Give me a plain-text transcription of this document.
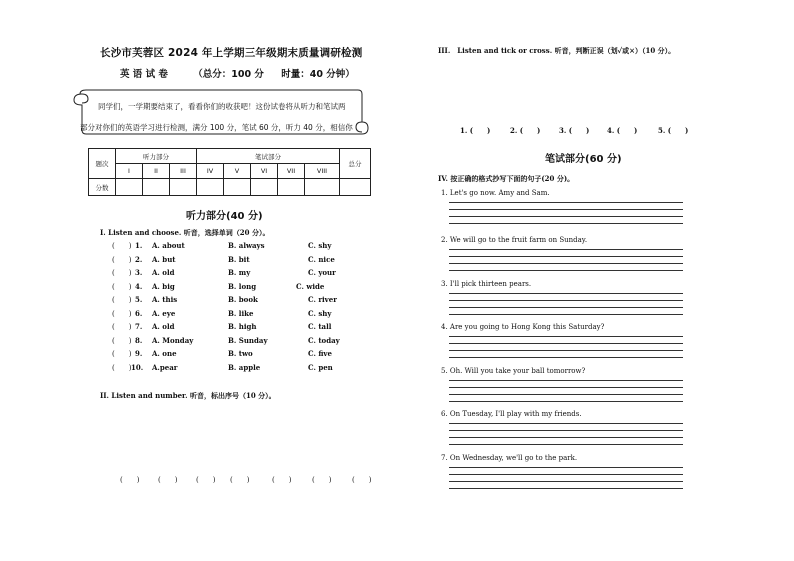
长沙市芙蓉区 2024 年上学期三年级期末质量调研检测
英 语 试 卷	（总分：100 分 时量：40 分钟）
同学们，一学期要结束了，看看你们的收获吧！这份试卷将从听力和笔试两
部分对你们的英语学习进行检测，满分 100 分，笔试 60 分，听力 40 分，相信你
题次	听力部分			笔试部分					总分
	I	II	III	IV	V	VI	VII	VIII	
分数									
听力部分(40 分)
I. Listen and choose. 听音，选择单词（20 分）。
(　　) 1. A. about	B. always	C. shy
(　　) 2. A. but	B. bit	C. nice
(　　) 3. A. old	B. my	C. your
(　　) 4. A. big	B. long	C. wide
(　　) 5. A. this	B. book	C. river
(　　) 6. A. eye	B. like	C. shy
(　　) 7. A. old	B. high	C. tall
(　　) 8. A. Monday	B. Sunday	C. today
(　　) 9. A. one	B. two	C. five
(　　) 10. A.pear	B. apple	C. pen
II. Listen and number. 听音，标出序号（10 分）。
(　　)	(　　)	(　　) (　　)	(　　)	(　　)	(　　)
III.　Listen and tick or cross. 听音，判断正误（划✓或×）（10 分）。
1. (　　)	2. (　　)	3. (　　)	4. (　　)	5. (　　)
笔试部分(60 分)
IV. 按正确的格式抄写下面的句子(20 分)。
1. Let's go now. Amy and Sam.
2. We will go to the fruit farm on Sunday.
3. I'll pick thirteen pears.
4. Are you going to Hong Kong this Saturday?
5. Oh. Will you take your ball tomorrow?
6. On Tuesday, I'll play with my friends.
7. On Wednesday, we'll go to the park.
